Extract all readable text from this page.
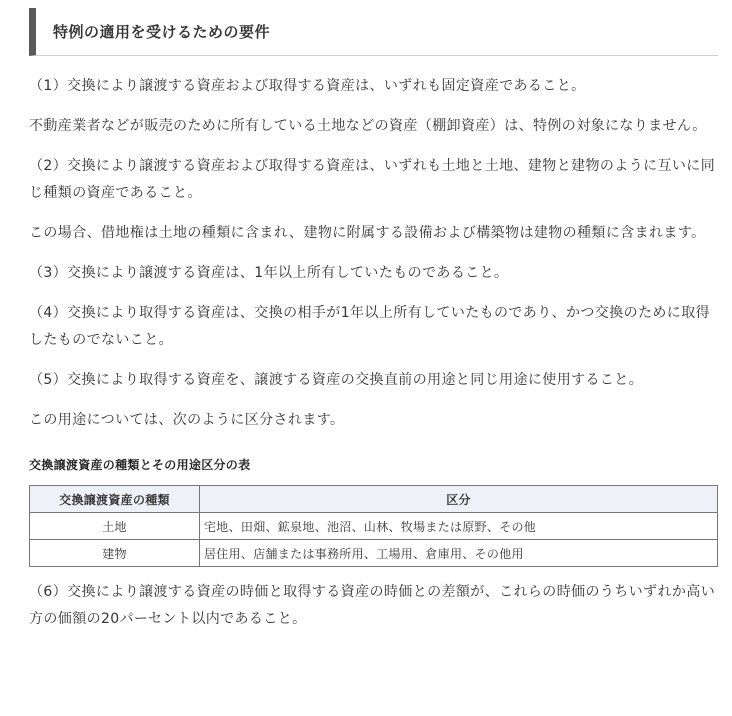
特例の適用を受けるための要件

（1）交換により譲渡する資産および取得する資産は、いずれも固定資産であること。

不動産業者などが販売のために所有している土地などの資産（棚卸資産）は、特例の対象になりません。

（2）交換により譲渡する資産および取得する資産は、いずれも土地と土地、建物と建物のように互いに同じ種類の資産であること。

この場合、借地権は土地の種類に含まれ、建物に附属する設備および構築物は建物の種類に含まれます。

（3）交換により譲渡する資産は、1年以上所有していたものであること。

（4）交換により取得する資産は、交換の相手が1年以上所有していたものであり、かつ交換のために取得したものでないこと。

（5）交換により取得する資産を、譲渡する資産の交換直前の用途と同じ用途に使用すること。

この用途については、次のように区分されます。

交換譲渡資産の種類とその用途区分の表
交換譲渡資産の種類	区分
土地	宅地、田畑、鉱泉地、池沼、山林、牧場または原野、その他
建物	居住用、店舗または事務所用、工場用、倉庫用、その他用

（6）交換により譲渡する資産の時価と取得する資産の時価との差額が、これらの時価のうちいずれか高い方の価額の20パーセント以内であること。
